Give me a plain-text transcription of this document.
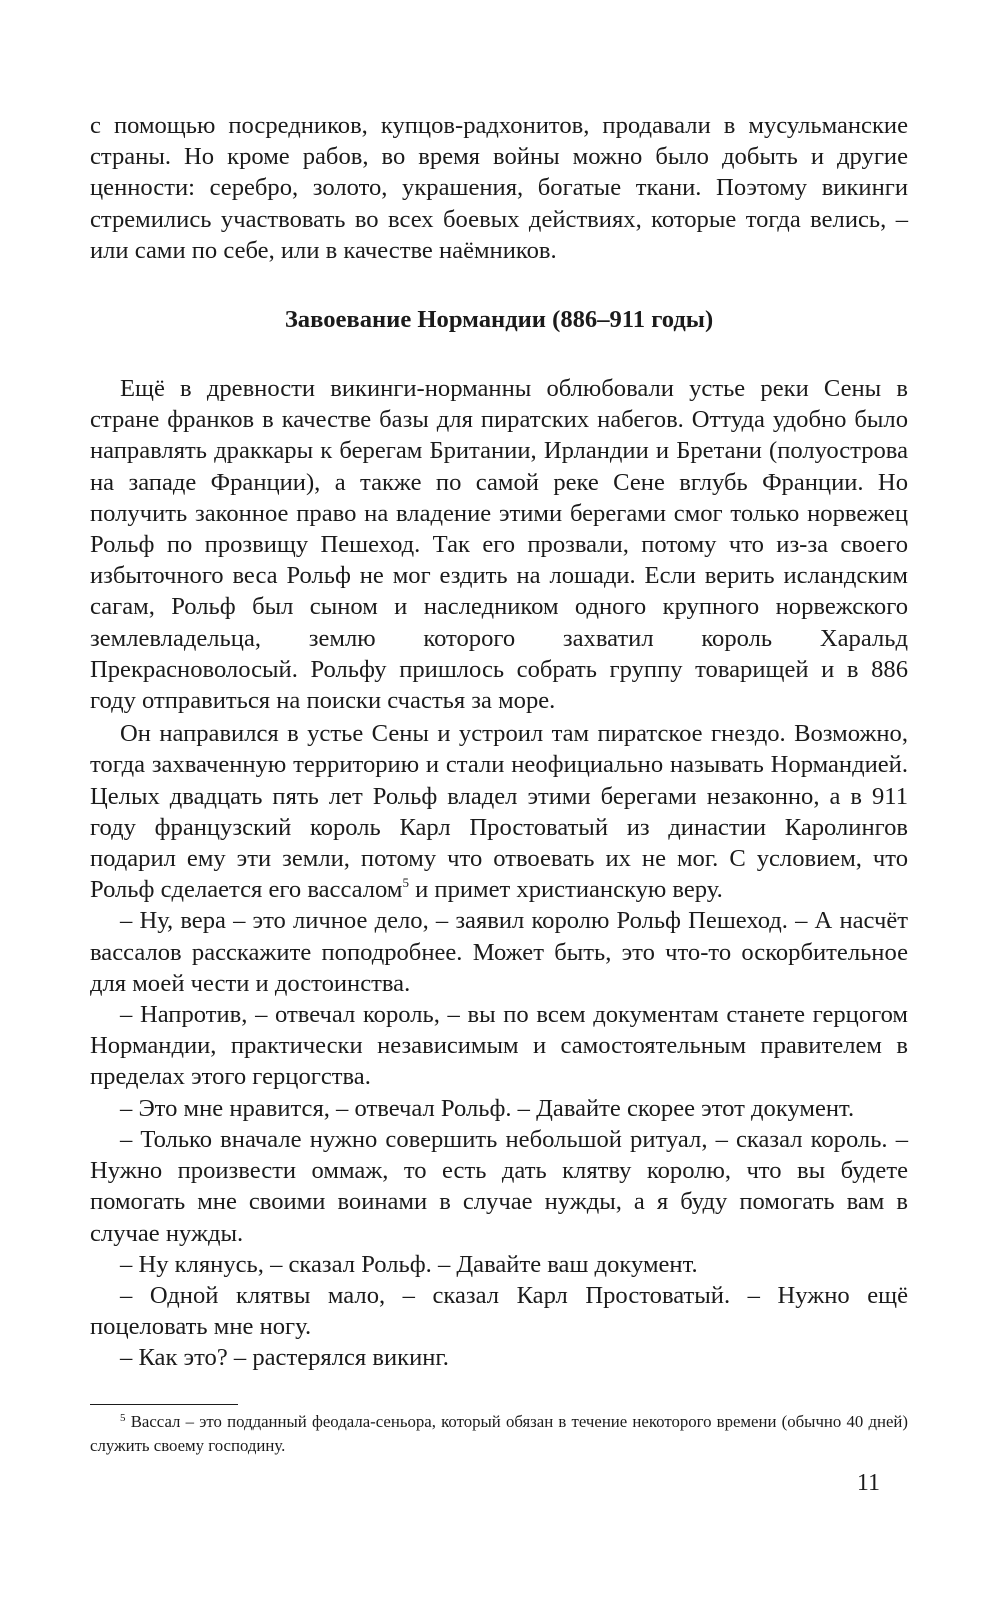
с помощью посредников, купцов-радхонитов, продавали в мусульманские страны. Но кроме рабов, во время войны можно было добыть и другие ценности: серебро, золото, украшения, богатые ткани. Поэтому викинги стремились участвовать во всех боевых действиях, которые тогда велись, – или сами по себе, или в качестве наёмников.

Завоевание Нормандии (886–911 годы)

Ещё в древности викинги-норманны облюбовали устье реки Сены в стране франков в качестве базы для пиратских набегов. Оттуда удобно было направлять драккары к берегам Британии, Ирландии и Бретани (полуострова на западе Франции), а также по самой реке Сене вглубь Франции. Но получить законное право на владение этими берегами смог только норвежец Рольф по прозвищу Пешеход. Так его прозвали, потому что из-за своего избыточного веса Рольф не мог ездить на лошади. Если верить исландским сагам, Рольф был сыном и наследником одного крупного норвежского землевладельца, землю которого захватил король Харальд Прекрасноволосый. Рольфу пришлось собрать группу товарищей и в 886 году отправиться на поиски счастья за море.

Он направился в устье Сены и устроил там пиратское гнездо. Возможно, тогда захваченную территорию и стали неофициально называть Нормандией. Целых двадцать пять лет Рольф владел этими берегами незаконно, а в 911 году французский король Карл Простоватый из династии Каролингов подарил ему эти земли, потому что отвоевать их не мог. С условием, что Рольф сделается его вассалом$^5$ и примет христианскую веру.

– Ну, вера – это личное дело, – заявил королю Рольф Пешеход. – А насчёт вассалов расскажите поподробнее. Может быть, это что-то оскорбительное для моей чести и достоинства.

– Напротив, – отвечал король, – вы по всем документам станете герцогом Нормандии, практически независимым и самостоятельным правителем в пределах этого герцогства.

– Это мне нравится, – отвечал Рольф. – Давайте скорее этот документ.

– Только вначале нужно совершить небольшой ритуал, – сказал король. – Нужно произвести оммаж, то есть дать клятву королю, что вы будете помогать мне своими воинами в случае нужды, а я буду помогать вам в случае нужды.

– Ну клянусь, – сказал Рольф. – Давайте ваш документ.

– Одной клятвы мало, – сказал Карл Простоватый. – Нужно ещё поцеловать мне ногу.

– Как это? – растерялся викинг.

$^5$ Вассал – это подданный феодала-сеньора, который обязан в течение некоторого времени (обычно 40 дней) служить своему господину.

11
